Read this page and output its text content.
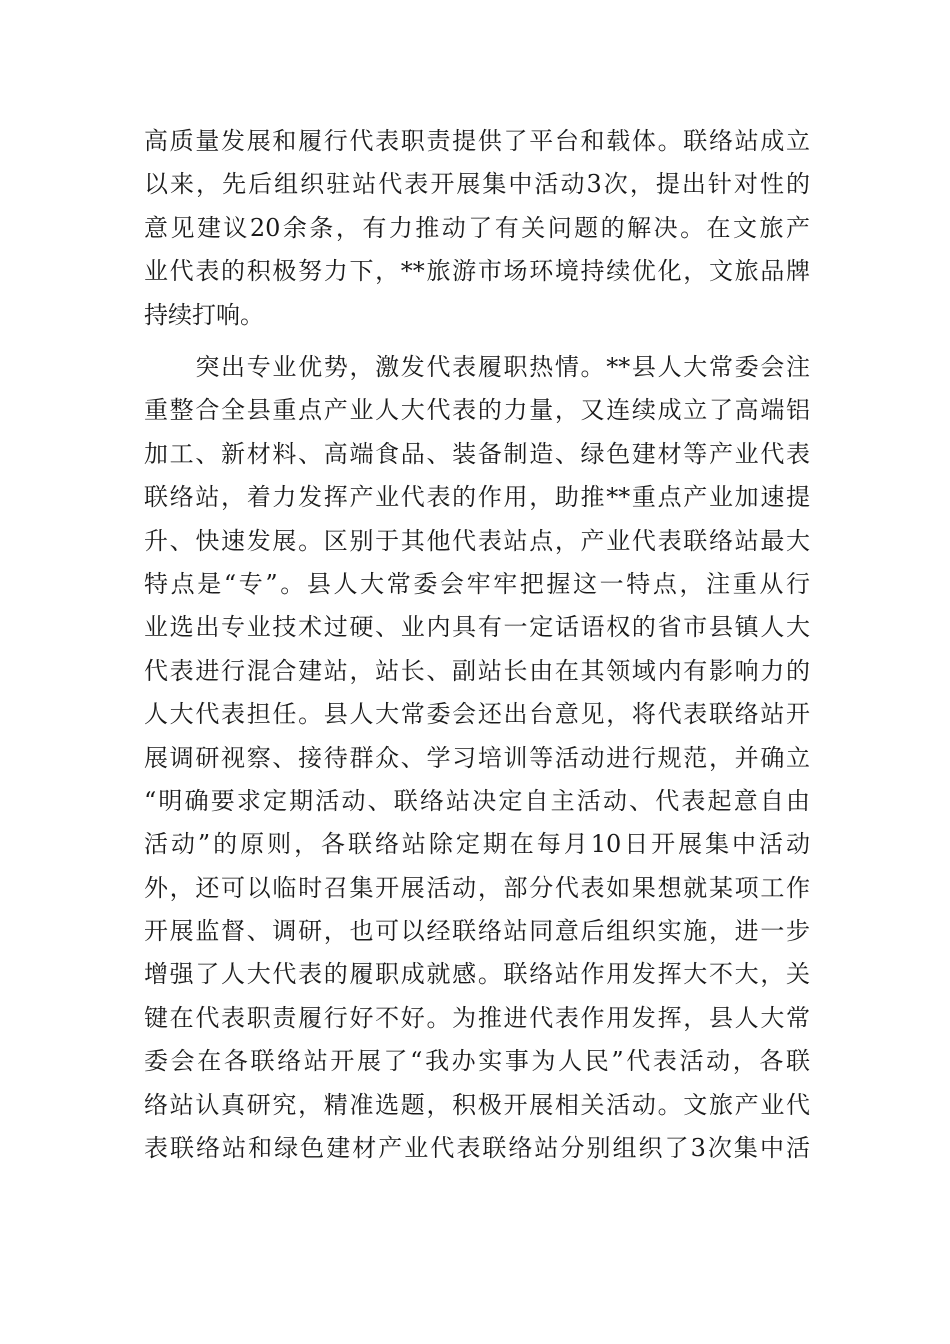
高质量发展和履行代表职责提供了平台和载体。联络站成立
以来，先后组织驻站代表开展集中活动3次，提出针对性的
意见建议20余条，有力推动了有关问题的解决。在文旅产
业代表的积极努力下，**旅游市场环境持续优化，文旅品牌
持续打响。
　　突出专业优势，激发代表履职热情。**县人大常委会注
重整合全县重点产业人大代表的力量，又连续成立了高端铝
加工、新材料、高端食品、装备制造、绿色建材等产业代表
联络站，着力发挥产业代表的作用，助推**重点产业加速提
升、快速发展。区别于其他代表站点，产业代表联络站最大
特点是“专”。县人大常委会牢牢把握这一特点，注重从行
业选出专业技术过硬、业内具有一定话语权的省市县镇人大
代表进行混合建站，站长、副站长由在其领域内有影响力的
人大代表担任。县人大常委会还出台意见，将代表联络站开
展调研视察、接待群众、学习培训等活动进行规范，并确立
“明确要求定期活动、联络站决定自主活动、代表起意自由
活动”的原则，各联络站除定期在每月10日开展集中活动
外，还可以临时召集开展活动，部分代表如果想就某项工作
开展监督、调研，也可以经联络站同意后组织实施，进一步
增强了人大代表的履职成就感。联络站作用发挥大不大，关
键在代表职责履行好不好。为推进代表作用发挥，县人大常
委会在各联络站开展了“我办实事为人民”代表活动，各联
络站认真研究，精准选题，积极开展相关活动。文旅产业代
表联络站和绿色建材产业代表联络站分别组织了3次集中活
